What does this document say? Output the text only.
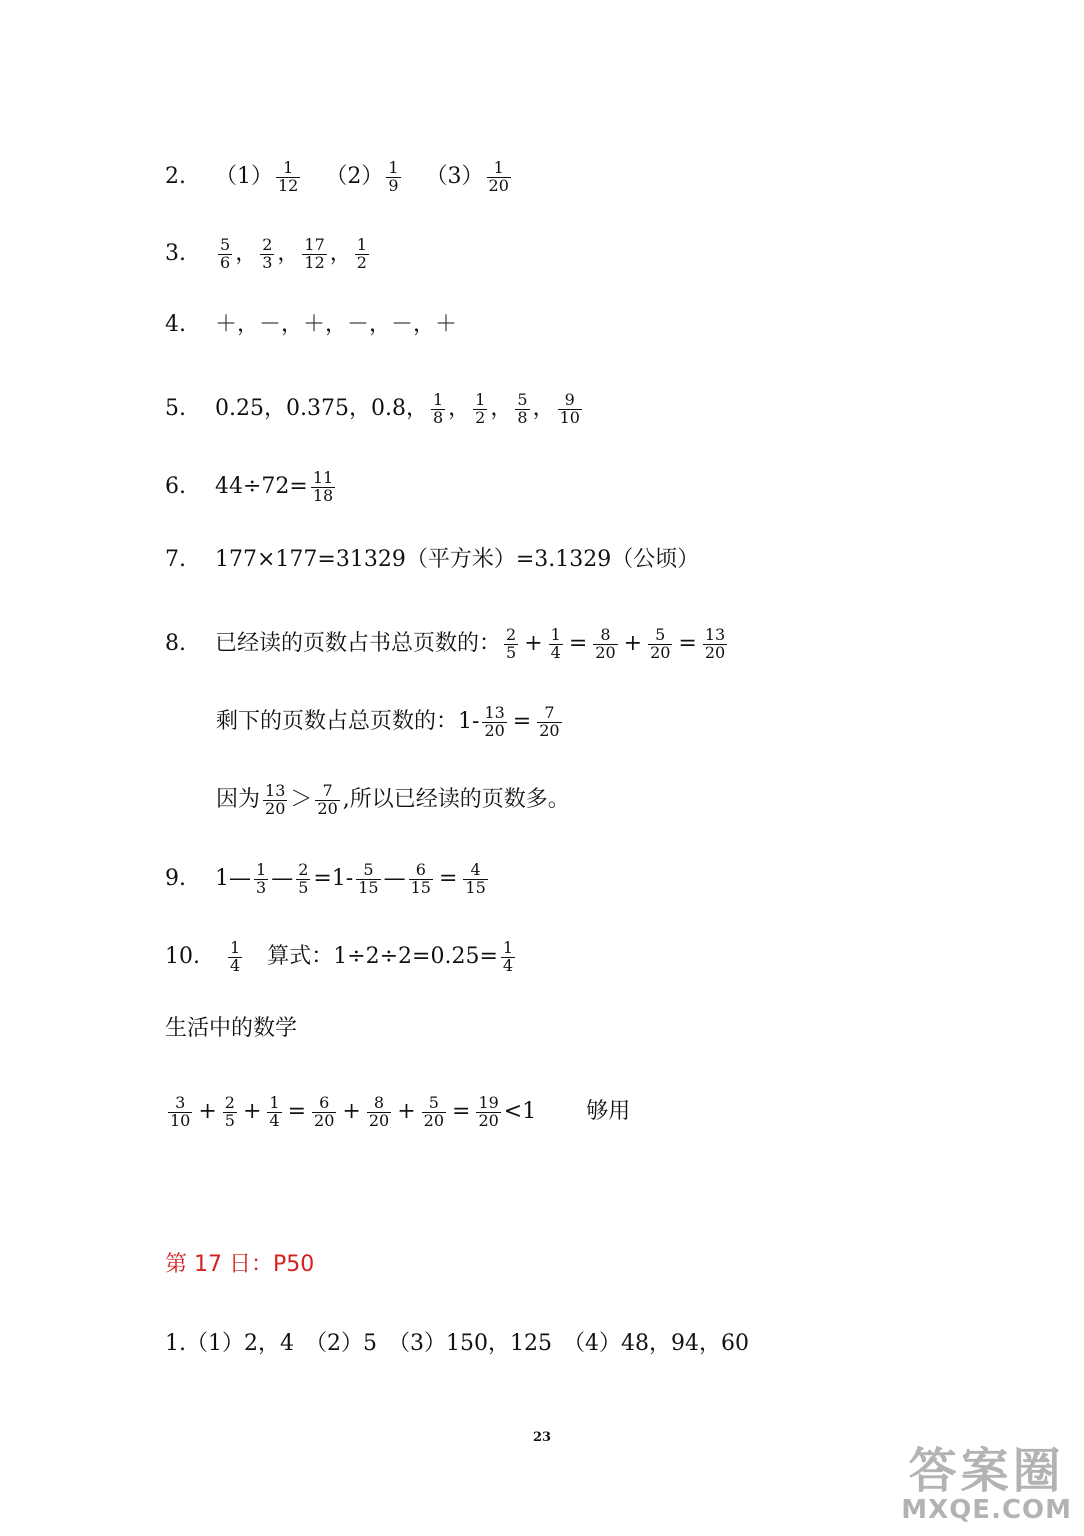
2.	$(1) \frac{1}{12} (2) \frac{1}{9} (3) \frac{1}{20}$
3.	$\frac{5}{6}$ ， $\frac{2}{3}$ ， $\frac{17}{12}$ ， $\frac{1}{2}$
4.	＋，－，＋，－，－，＋
5.	0.25，0.375，0.8， $\frac{1}{8}$ ， $\frac{1}{2}$ ， $\frac{5}{8}$ ， $\frac{9}{10}$
6.	$44\div 72= \frac{11}{18}$
7.	177×177=31329（平方米）=3.1329（公顷）
8.	已经读的页数占书总页数的： $\frac{2}{5} + \frac{1}{4} = \frac{8}{20} + \frac{5}{20} = \frac{13}{20}$
剩下的页数占总页数的：$1- \frac{13}{20} = \frac{7}{20}$
因为 $\frac{13}{20} > \frac{7}{20}$ ,所以已经读的页数多。
9.	1— $\frac{1}{3}$ — $\frac{2}{5} =1- \frac{5}{15}$ — $\frac{6}{15} = \frac{4}{15}$
10.	$\frac{1}{4}$ 算式：$1\div 2\div 2=0.25= \frac{1}{4}$
生活中的数学
$\frac{3}{10} + \frac{2}{5} + \frac{1}{4} = \frac{6}{20} + \frac{8}{20} + \frac{5}{20} = \frac{19}{20} <1$ 够用
第 17 日：P50
1.（1）2，4　（2）5　（3）150，125　（4）48，94，60
23
答案圈
MXQE.COM
